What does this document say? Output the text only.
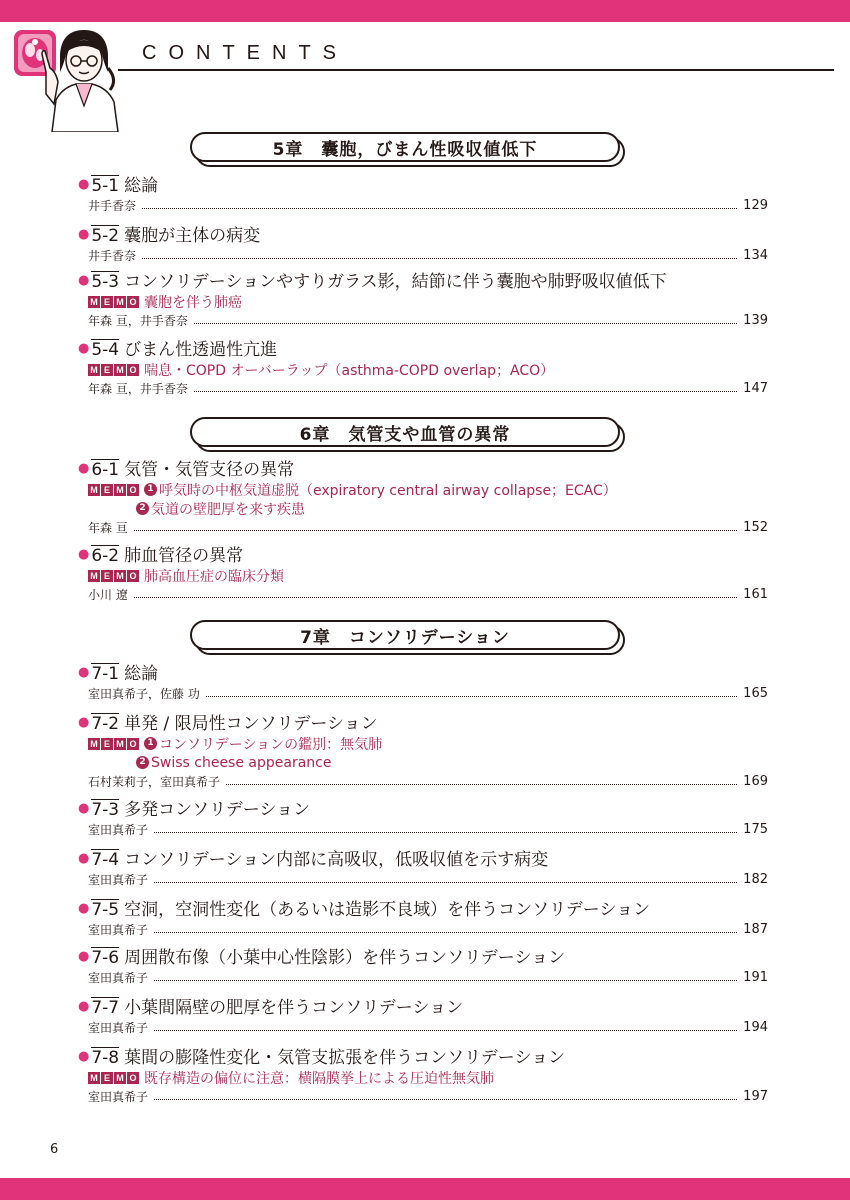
CONTENTS
5章　囊胞，びまん性吸収値低下
● 5-1 総論
井手香奈	129
● 5-2 囊胞が主体の病変
井手香奈	134
● 5-3 コンソリデーションやすりガラス影，結節に伴う囊胞や肺野吸収値低下
M E M O 囊胞を伴う肺癌
年森 亘，井手香奈	139
● 5-4 びまん性透過性亢進
M E M O 喘息・COPD オーバーラップ（asthma-COPD overlap；ACO）
年森 亘，井手香奈	147
6章　気管支や血管の異常
● 6-1 気管・気管支径の異常
M E M O	1 呼気時の中枢気道虚脱（expiratory central airway collapse；ECAC）
2 気道の壁肥厚を来す疾患
年森 亘	152
● 6-2 肺血管径の異常
M E M O 肺高血圧症の臨床分類
小川 遼	161
7章　コンソリデーション
● 7-1 総論
室田真希子，佐藤 功	165
● 7-2 単発 / 限局性コンソリデーション
M E M O	1 コンソリデーションの鑑別：無気肺
2 Swiss cheese appearance
石村茉莉子，室田真希子	169
● 7-3 多発コンソリデーション
室田真希子	175
● 7-4 コンソリデーション内部に高吸収，低吸収値を示す病変
室田真希子	182
● 7-5 空洞，空洞性変化（あるいは造影不良域）を伴うコンソリデーション
室田真希子	187
● 7-6 周囲散布像（小葉中心性陰影）を伴うコンソリデーション
室田真希子	191
● 7-7 小葉間隔壁の肥厚を伴うコンソリデーション
室田真希子	194
● 7-8 葉間の膨隆性変化・気管支拡張を伴うコンソリデーション
M E M O 既存構造の偏位に注意：横隔膜挙上による圧迫性無気肺
室田真希子	197
6
